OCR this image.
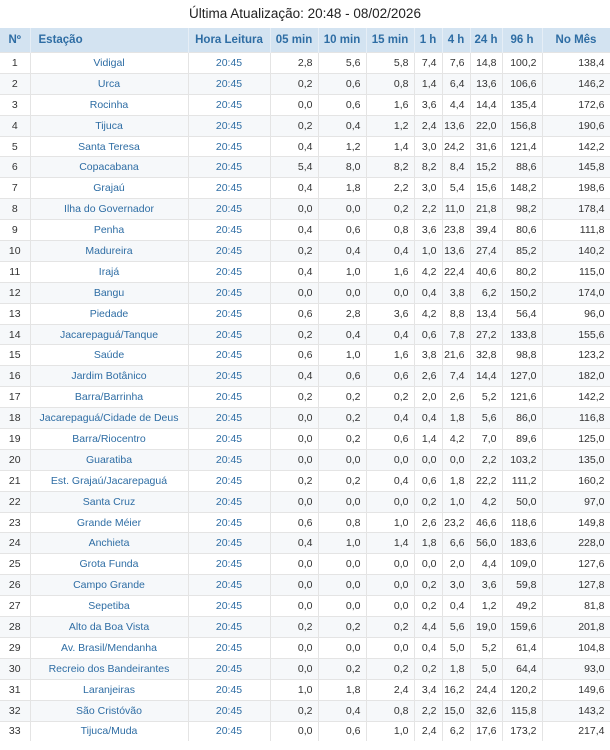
Última Atualização: 20:48 - 08/02/2026
Nº	Estação	Hora Leitura	05 min	10 min	15 min	1 h	4 h	24 h	96 h	No Mês
1	Vidigal	20:45	2,8	5,6	5,8	7,4	7,6	14,8	100,2	138,4
2	Urca	20:45	0,2	0,6	0,8	1,4	6,4	13,6	106,6	146,2
3	Rocinha	20:45	0,0	0,6	1,6	3,6	4,4	14,4	135,4	172,6
4	Tijuca	20:45	0,2	0,4	1,2	2,4	13,6	22,0	156,8	190,6
5	Santa Teresa	20:45	0,4	1,2	1,4	3,0	24,2	31,6	121,4	142,2
6	Copacabana	20:45	5,4	8,0	8,2	8,2	8,4	15,2	88,6	145,8
7	Grajaú	20:45	0,4	1,8	2,2	3,0	5,4	15,6	148,2	198,6
8	Ilha do Governador	20:45	0,0	0,0	0,2	2,2	11,0	21,8	98,2	178,4
9	Penha	20:45	0,4	0,6	0,8	3,6	23,8	39,4	80,6	111,8
10	Madureira	20:45	0,2	0,4	0,4	1,0	13,6	27,4	85,2	140,2
11	Irajá	20:45	0,4	1,0	1,6	4,2	22,4	40,6	80,2	115,0
12	Bangu	20:45	0,0	0,0	0,0	0,4	3,8	6,2	150,2	174,0
13	Piedade	20:45	0,6	2,8	3,6	4,2	8,8	13,4	56,4	96,0
14	Jacarepaguá/Tanque	20:45	0,2	0,4	0,4	0,6	7,8	27,2	133,8	155,6
15	Saúde	20:45	0,6	1,0	1,6	3,8	21,6	32,8	98,8	123,2
16	Jardim Botânico	20:45	0,4	0,6	0,6	2,6	7,4	14,4	127,0	182,0
17	Barra/Barrinha	20:45	0,2	0,2	0,2	2,0	2,6	5,2	121,6	142,2
18	Jacarepaguá/Cidade de Deus	20:45	0,0	0,2	0,4	0,4	1,8	5,6	86,0	116,8
19	Barra/Riocentro	20:45	0,0	0,2	0,6	1,4	4,2	7,0	89,6	125,0
20	Guaratiba	20:45	0,0	0,0	0,0	0,0	0,0	2,2	103,2	135,0
21	Est. Grajaú/Jacarepaguá	20:45	0,2	0,2	0,4	0,6	1,8	22,2	111,2	160,2
22	Santa Cruz	20:45	0,0	0,0	0,0	0,2	1,0	4,2	50,0	97,0
23	Grande Méier	20:45	0,6	0,8	1,0	2,6	23,2	46,6	118,6	149,8
24	Anchieta	20:45	0,4	1,0	1,4	1,8	6,6	56,0	183,6	228,0
25	Grota Funda	20:45	0,0	0,0	0,0	0,0	2,0	4,4	109,0	127,6
26	Campo Grande	20:45	0,0	0,0	0,0	0,2	3,0	3,6	59,8	127,8
27	Sepetiba	20:45	0,0	0,0	0,0	0,2	0,4	1,2	49,2	81,8
28	Alto da Boa Vista	20:45	0,2	0,2	0,2	4,4	5,6	19,0	159,6	201,8
29	Av. Brasil/Mendanha	20:45	0,0	0,0	0,0	0,4	5,0	5,2	61,4	104,8
30	Recreio dos Bandeirantes	20:45	0,0	0,2	0,2	0,2	1,8	5,0	64,4	93,0
31	Laranjeiras	20:45	1,0	1,8	2,4	3,4	16,2	24,4	120,2	149,6
32	São Cristóvão	20:45	0,2	0,4	0,8	2,2	15,0	32,6	115,8	143,2
33	Tijuca/Muda	20:45	0,0	0,6	1,0	2,4	6,2	17,6	173,2	217,4
